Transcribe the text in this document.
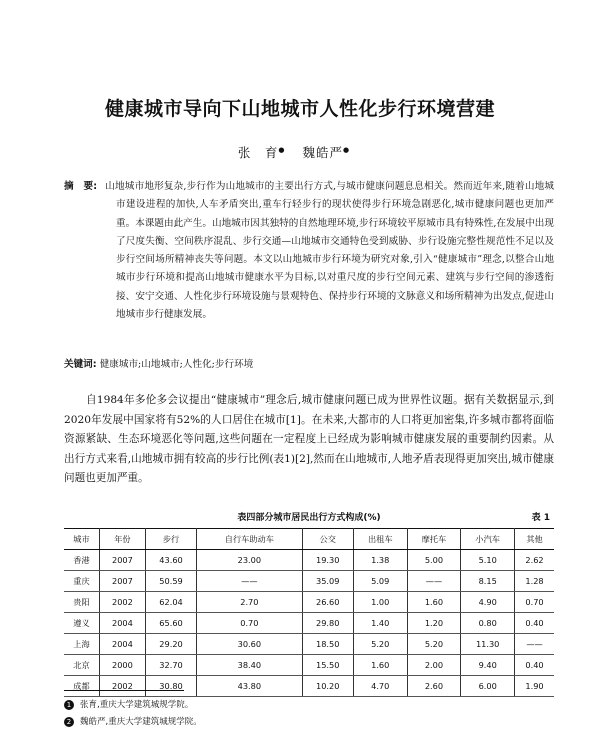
健康城市导向下山地城市人性化步行环境营建
张　育● 魏皓严●
摘　要: 山地城市地形复杂,步行作为山地城市的主要出行方式,与城市健康问题息息相关。然而近年来,随着山地城市建设进程的加快,人车矛盾突出,重车行轻步行的现状使得步行环境急剧恶化,城市健康问题也更加严重。本课题由此产生。山地城市因其独特的自然地理环境,步行环境较平原城市具有特殊性,在发展中出现了尺度失衡、空间秩序混乱、步行交通—山地城市交通特色受到威胁、步行设施完整性规范性不足以及步行空间场所精神丧失等问题。本文以山地城市步行环境为研究对象,引入“健康城市”理念,以整合山地城市步行环境和提高山地城市健康水平为目标,以对重尺度的步行空间元素、建筑与步行空间的渗透衔接、安宁交通、人性化步行环境设施与景观特色、保持步行环境的文脉意义和场所精神为出发点,促进山地城市步行健康发展。
关键词: 健康城市;山地城市;人性化;步行环境
自1984年多伦多会议提出“健康城市”理念后,城市健康问题已成为世界性议题。据有关数据显示,到2020年发展中国家将有52%的人口居住在城市[1]。在未来,大都市的人口将更加密集,许多城市都将面临资源紧缺、生态环境恶化等问题,这些问题在一定程度上已经成为影响城市健康发展的重要制约因素。从出行方式来看,山地城市拥有较高的步行比例(表1)[2],然而在山地城市,人地矛盾表现得更加突出,城市健康问题也更加严重。
表四部分城市居民出行方式构成(%)	表 1
城市	年份	步行	自行车助动车	公交	出租车	摩托车	小汽车	其他
香港	2007	43.60	23.00	19.30	1.38	5.00	5.10	2.62
重庆	2007	50.59	——	35.09	5.09	——	8.15	1.28
贵阳	2002	62.04	2.70	26.60	1.00	1.60	4.90	0.70
遵义	2004	65.60	0.70	29.80	1.40	1.20	0.80	0.40
上海	2004	29.20	30.60	18.50	5.20	5.20	11.30	——
北京	2000	32.70	38.40	15.50	1.60	2.00	9.40	0.40
成都	2002	30.80	43.80	10.20	4.70	2.60	6.00	1.90
1 张育,重庆大学建筑城规学院。
2 魏皓严,重庆大学建筑城规学院。
